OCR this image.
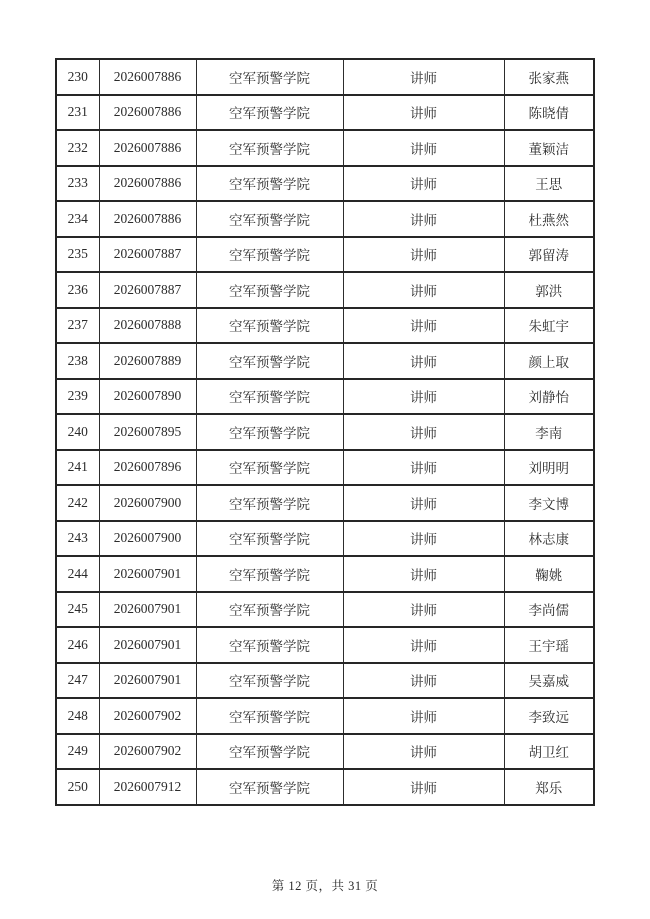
230	2026007886	空军预警学院	讲师	张家燕
231	2026007886	空军预警学院	讲师	陈晓倩
232	2026007886	空军预警学院	讲师	董颖洁
233	2026007886	空军预警学院	讲师	王思
234	2026007886	空军预警学院	讲师	杜燕然
235	2026007887	空军预警学院	讲师	郭留涛
236	2026007887	空军预警学院	讲师	郭洪
237	2026007888	空军预警学院	讲师	朱虹宇
238	2026007889	空军预警学院	讲师	颜上取
239	2026007890	空军预警学院	讲师	刘静怡
240	2026007895	空军预警学院	讲师	李南
241	2026007896	空军预警学院	讲师	刘明明
242	2026007900	空军预警学院	讲师	李文博
243	2026007900	空军预警学院	讲师	林志康
244	2026007901	空军预警学院	讲师	鞠姚
245	2026007901	空军预警学院	讲师	李尚儒
246	2026007901	空军预警学院	讲师	王宇瑶
247	2026007901	空军预警学院	讲师	吴嘉威
248	2026007902	空军预警学院	讲师	李致远
249	2026007902	空军预警学院	讲师	胡卫红
250	2026007912	空军预警学院	讲师	郑乐
第 12 页，共 31 页
